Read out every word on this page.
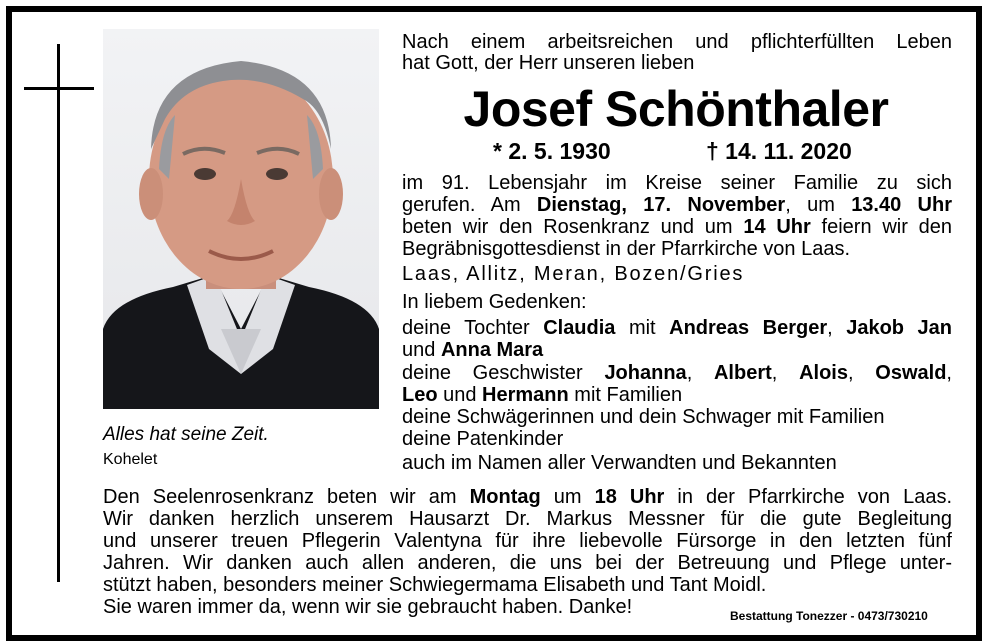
Alles hat seine Zeit.
Kohelet
Nach einem arbeitsreichen und pflichterfüllten Leben
hat Gott, der Herr unseren lieben
Josef Schönthaler
* 2. 5. 1930	† 14. 11. 2020
im 91. Lebensjahr im Kreise seiner Familie zu sich
gerufen. Am Dienstag, 17. November, um 13.40 Uhr
beten wir den Rosenkranz und um 14 Uhr feiern wir den
Begräbnisgottesdienst in der Pfarrkirche von Laas.
Laas, Allitz, Meran, Bozen/Gries
In liebem Gedenken:
deine Tochter Claudia mit Andreas Berger, Jakob Jan
und Anna Mara
deine Geschwister Johanna, Albert, Alois, Oswald,
Leo und Hermann mit Familien
deine Schwägerinnen und dein Schwager mit Familien
deine Patenkinder
auch im Namen aller Verwandten und Bekannten
Den Seelenrosenkranz beten wir am Montag um 18 Uhr in der Pfarrkirche von Laas.
Wir danken herzlich unserem Hausarzt Dr. Markus Messner für die gute Begleitung
und unserer treuen Pflegerin Valentyna für ihre liebevolle Fürsorge in den letzten fünf
Jahren. Wir danken auch allen anderen, die uns bei der Betreuung und Pflege unter-
stützt haben, besonders meiner Schwiegermama Elisabeth und Tant Moidl.
Sie waren immer da, wenn wir sie gebraucht haben. Danke!	Bestattung Tonezzer - 0473/730210
